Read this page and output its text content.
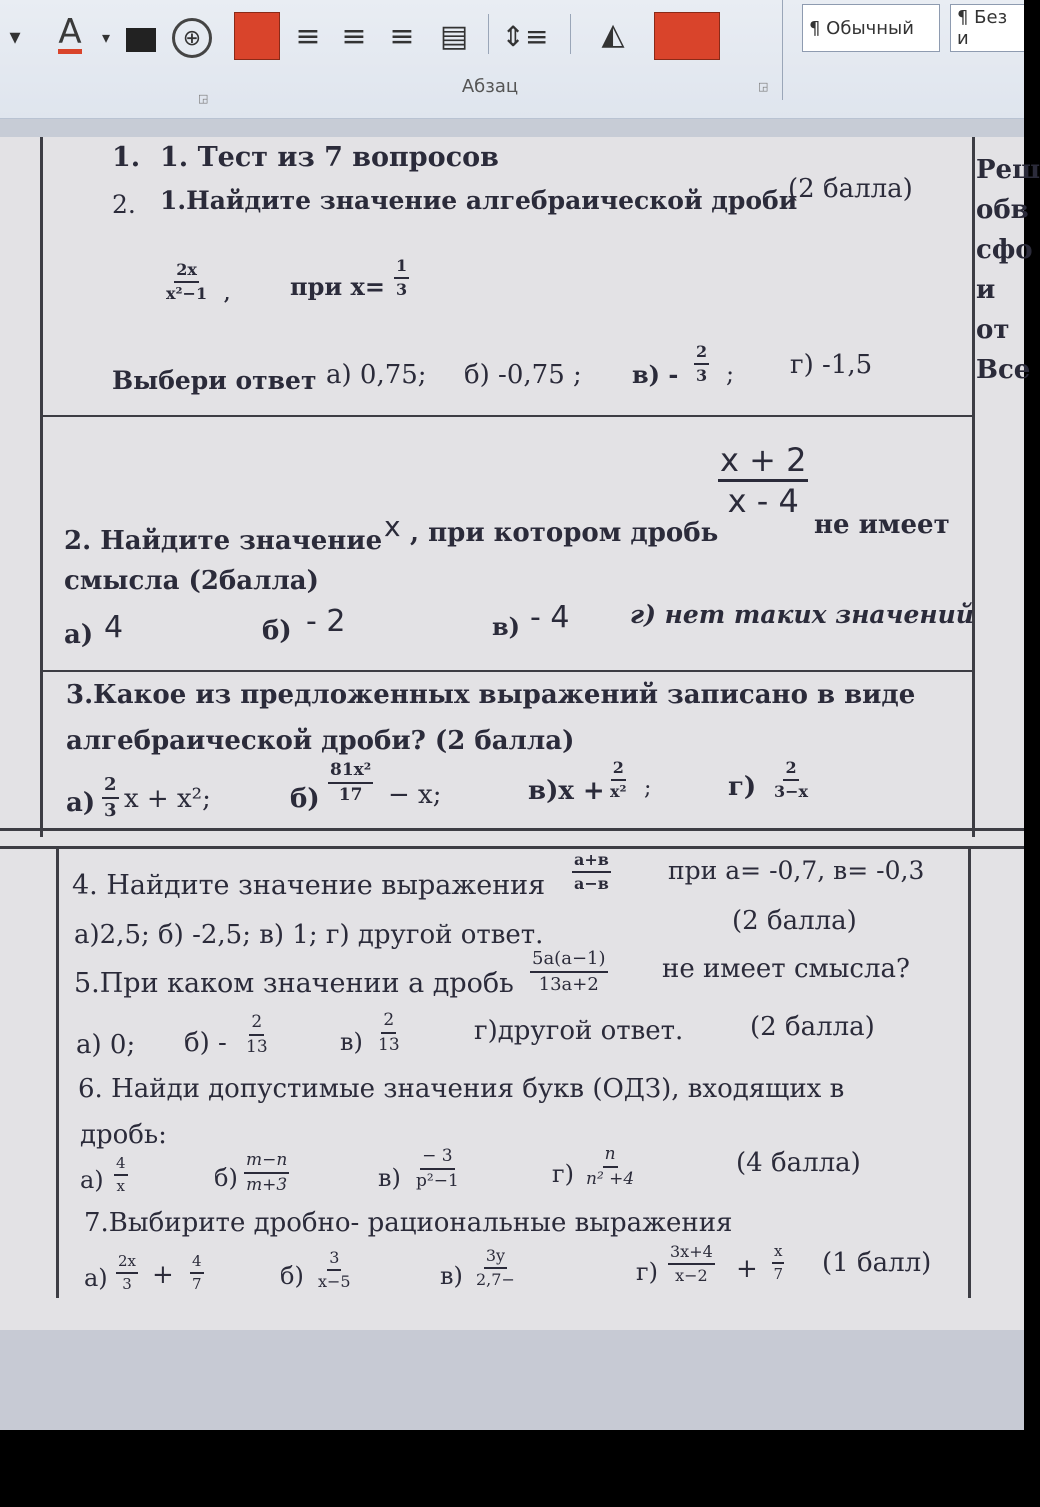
▾ A	▾	⊕	≡ ≡ ≡ ▤ ⇕≡	◭	¶ Обычный	¶ Без и
Абзац
◲
◲
Реш
обв
сфо
и от
Все
1. 1. Тест из 7 вопросов
2. 1.Найдите значение алгебраической дроби
(2 балла)
$\frac{2x}{\text{x²−1}}$ , при $x= \frac{1}{3}$
Выбери ответ а) 0,75; б) -0,75 ; $в) - \frac{2}{3}$ ; г) -1,5
$\frac{x + 2}{x - 4}$
2. Найдите значение x , при котором дробь	не имеет
смысла (2балла)
а) 4	б) - 2	в) - 4 г) нет таких значений
3.Какое из предложенных выражений записано в виде
алгебраической дроби? (2 балла)
$а) \frac{2}{3}$ x + x²;	$б) \frac{\text{81x²}}{17} - x$;	$в)x + \frac{2}{\text{x²}}$ ;	$г) \frac{2}{3-x}$
4. Найдите значение выражения
a+в
a−в при a= -0,7, в= -0,3
а)2,5; б) -2,5; в) 1; г) другой ответ.	(2 балла)
5.При каком значении а дробь $\frac{5a(a-1)}{13a+2}$ не имеет смысла?
а) 0; $б) - \frac{2}{13}$	$в) \frac{2}{13}$	г)другой ответ.	(2 балла)
6. Найди допустимые значения букв (ОДЗ), входящих в
дробь:
$а) \frac{4}{x}$	$б) \frac{m-n}{m+3}$	$в) \frac{- 3}{\text{p²−1}}$	$г) \frac{n}{\text{n² +4}}$	(4 балла)
7.Выбирите дробно- рациональные выражения
$а) \frac{2x}{3} + \frac{4}{7}$	$б) \frac{3}{x-5}$	$в) \frac{3y}{2,7-}$	$г) \frac{3x+4}{x-2} + \frac{x}{7} (1$ балл)
